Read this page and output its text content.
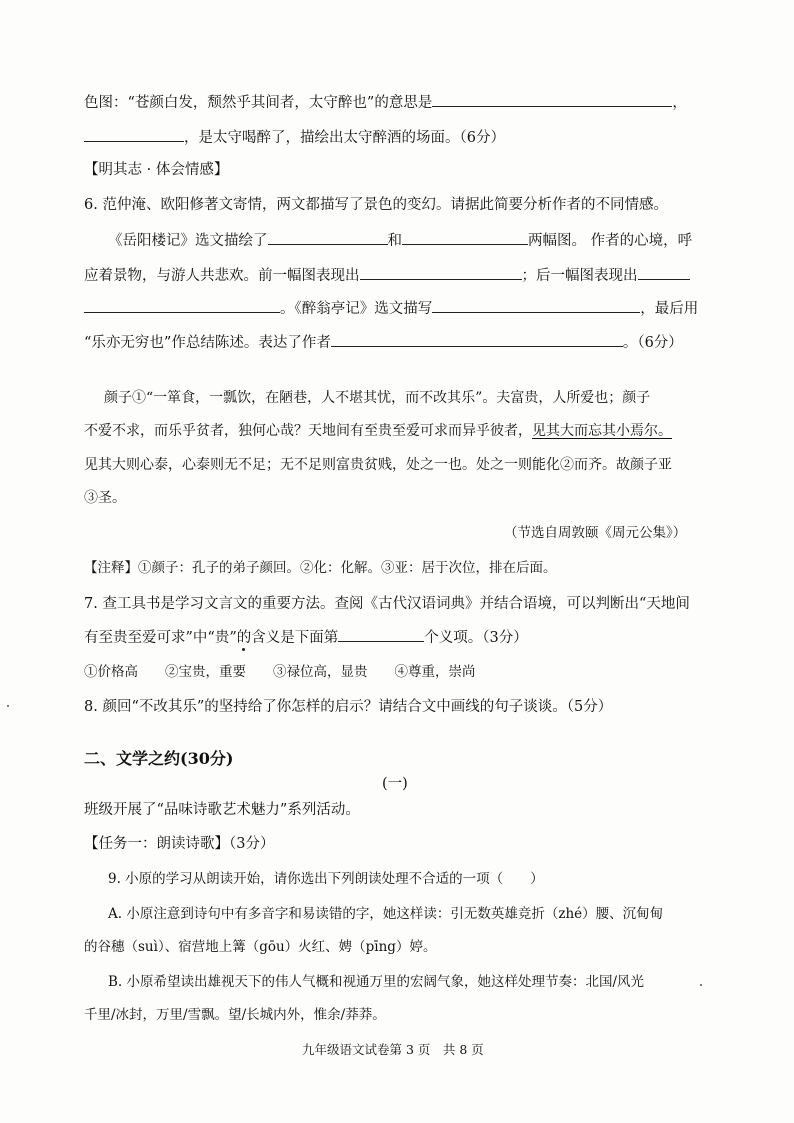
色图：“苍颜白发，颓然乎其间者，太守醉也”的意思是	，
，是太守喝醉了，描绘出太守醉酒的场面。（6分）
【明其志 · 体会情感】
6. 范仲淹、欧阳修著文寄情，两文都描写了景色的变幻。请据此简要分析作者的不同情感。
《岳阳楼记》选文描绘了	和	两幅图。 作者的心境，呼
应着景物，与游人共悲欢。前一幅图表现出	；后一幅图表现出
。《醉翁亭记》选文描写	，最后用
“乐亦无穷也”作总结陈述。表达了作者	。（6分）
颜子①“一箪食，一瓢饮，在陋巷，人不堪其忧，而不改其乐”。夫富贵，人所爱也；颜子
不爱不求，而乐乎贫者，独何心哉？天地间有至贵至爱可求而异乎彼者，见其大而忘其小焉尔。
见其大则心泰，心泰则无不足；无不足则富贵贫贱，处之一也。处之一则能化②而齐。故颜子亚
③圣。
（节选自周敦颐《周元公集》）
【注释】①颜子：孔子的弟子颜回。②化：化解。③亚：居于次位，排在后面。
7. 查工具书是学习文言文的重要方法。查阅《古代汉语词典》并结合语境，可以判断出“天地间
有至贵至爱可求”中“贵”的含义是下面第	个义项。（3分）
①价格高　　②宝贵，重要　　③禄位高，显贵　　④尊重，崇尚
8. 颜回“不改其乐”的坚持给了你怎样的启示？请结合文中画线的句子谈谈。（5分）
二、文学之约(30分)
(一)
班级开展了“品味诗歌艺术魅力”系列活动。
【任务一：朗读诗歌】（3分）
9. 小原的学习从朗读开始，请你选出下列朗读处理不合适的一项（　　）
A. 小原注意到诗句中有多音字和易读错的字，她这样读：引无数英雄竞折（zhé）腰、沉甸甸
的谷穗（suì）、宿营地上篝（gōu）火红、娉（pīng）婷。
B. 小原希望读出雄视天下的伟人气概和视通万里的宏阔气象，她这样处理节奏：北国/风光
千里/冰封，万里/雪飘。望/长城内外，惟余/莽莽。
九年级语文试卷第 3 页　共 8 页
